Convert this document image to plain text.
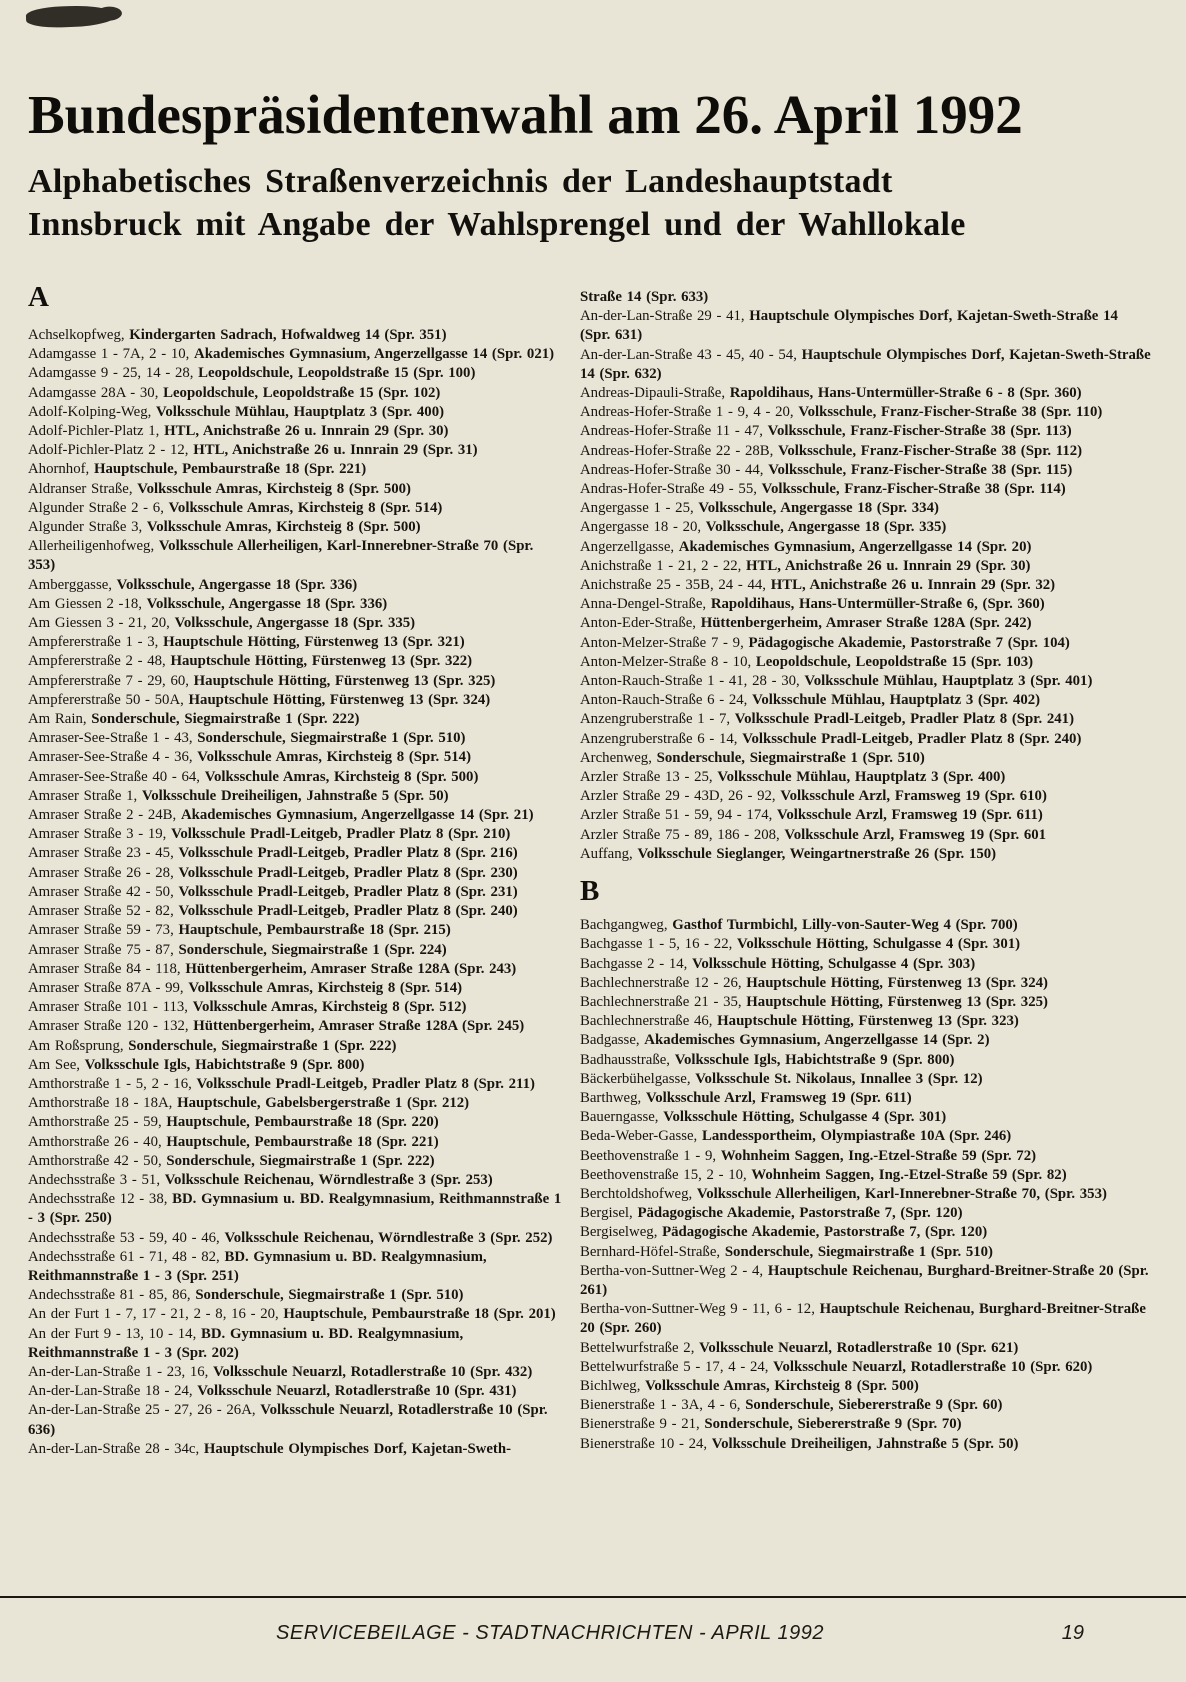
Bundespräsidentenwahl am 26. April 1992
Alphabetisches Straßenverzeichnis der Landeshauptstadt
Innsbruck mit Angabe der Wahlsprengel und der Wahllokale
A

Achselkopfweg, Kindergarten Sadrach, Hofwaldweg 14 (Spr. 351)

Adamgasse 1 - 7A, 2 - 10, Akademisches Gymnasium, Angerzellgasse 14 (Spr. 021)

Adamgasse 9 - 25, 14 - 28, Leopoldschule, Leopoldstraße 15 (Spr. 100)

Adamgasse 28A - 30, Leopoldschule, Leopoldstraße 15 (Spr. 102)

Adolf-Kolping-Weg, Volksschule Mühlau, Hauptplatz 3 (Spr. 400)

Adolf-Pichler-Platz 1, HTL, Anichstraße 26 u. Innrain 29 (Spr. 30)

Adolf-Pichler-Platz 2 - 12, HTL, Anichstraße 26 u. Innrain 29 (Spr. 31)

Ahornhof, Hauptschule, Pembaurstraße 18 (Spr. 221)

Aldranser Straße, Volksschule Amras, Kirchsteig 8 (Spr. 500)

Algunder Straße 2 - 6, Volksschule Amras, Kirchsteig 8 (Spr. 514)

Algunder Straße 3, Volksschule Amras, Kirchsteig 8 (Spr. 500)

Allerheiligenhofweg, Volksschule Allerheiligen, Karl-Innerebner-Straße 70 (Spr. 353)

Amberggasse, Volksschule, Angergasse 18 (Spr. 336)

Am Giessen 2 -18, Volksschule, Angergasse 18 (Spr. 336)

Am Giessen 3 - 21, 20, Volksschule, Angergasse 18 (Spr. 335)

Ampfererstraße 1 - 3, Hauptschule Hötting, Fürstenweg 13 (Spr. 321)

Ampfererstraße 2 - 48, Hauptschule Hötting, Fürstenweg 13 (Spr. 322)

Ampfererstraße 7 - 29, 60, Hauptschule Hötting, Fürstenweg 13 (Spr. 325)

Ampfererstraße 50 - 50A, Hauptschule Hötting, Fürstenweg 13 (Spr. 324)

Am Rain, Sonderschule, Siegmairstraße 1 (Spr. 222)

Amraser-See-Straße 1 - 43, Sonderschule, Siegmairstraße 1 (Spr. 510)

Amraser-See-Straße 4 - 36, Volksschule Amras, Kirchsteig 8 (Spr. 514)

Amraser-See-Straße 40 - 64, Volksschule Amras, Kirchsteig 8 (Spr. 500)

Amraser Straße 1, Volksschule Dreiheiligen, Jahnstraße 5 (Spr. 50)

Amraser Straße 2 - 24B, Akademisches Gymnasium, Angerzellgasse 14 (Spr. 21)

Amraser Straße 3 - 19, Volksschule Pradl-Leitgeb, Pradler Platz 8 (Spr. 210)

Amraser Straße 23 - 45, Volksschule Pradl-Leitgeb, Pradler Platz 8 (Spr. 216)

Amraser Straße 26 - 28, Volksschule Pradl-Leitgeb, Pradler Platz 8 (Spr. 230)

Amraser Straße 42 - 50, Volksschule Pradl-Leitgeb, Pradler Platz 8 (Spr. 231)

Amraser Straße 52 - 82, Volksschule Pradl-Leitgeb, Pradler Platz 8 (Spr. 240)

Amraser Straße 59 - 73, Hauptschule, Pembaurstraße 18 (Spr. 215)

Amraser Straße 75 - 87, Sonderschule, Siegmairstraße 1 (Spr. 224)

Amraser Straße 84 - 118, Hüttenbergerheim, Amraser Straße 128A (Spr. 243)

Amraser Straße 87A - 99, Volksschule Amras, Kirchsteig 8 (Spr. 514)

Amraser Straße 101 - 113, Volksschule Amras, Kirchsteig 8 (Spr. 512)

Amraser Straße 120 - 132, Hüttenbergerheim, Amraser Straße 128A (Spr. 245)

Am Roßsprung, Sonderschule, Siegmairstraße 1 (Spr. 222)

Am See, Volksschule Igls, Habichtstraße 9 (Spr. 800)

Amthorstraße 1 - 5, 2 - 16, Volksschule Pradl-Leitgeb, Pradler Platz 8 (Spr. 211)

Amthorstraße 18 - 18A, Hauptschule, Gabelsbergerstraße 1 (Spr. 212)

Amthorstraße 25 - 59, Hauptschule, Pembaurstraße 18 (Spr. 220)

Amthorstraße 26 - 40, Hauptschule, Pembaurstraße 18 (Spr. 221)

Amthorstraße 42 - 50, Sonderschule, Siegmairstraße 1 (Spr. 222)

Andechsstraße 3 - 51, Volksschule Reichenau, Wörndlestraße 3 (Spr. 253)

Andechsstraße 12 - 38, BD. Gymnasium u. BD. Realgymnasium, Reithmannstraße 1 - 3 (Spr. 250)

Andechsstraße 53 - 59, 40 - 46, Volksschule Reichenau, Wörndlestraße 3 (Spr. 252)

Andechsstraße 61 - 71, 48 - 82, BD. Gymnasium u. BD. Realgymnasium, Reithmannstraße 1 - 3 (Spr. 251)

Andechsstraße 81 - 85, 86, Sonderschule, Siegmairstraße 1 (Spr. 510)

An der Furt 1 - 7, 17 - 21, 2 - 8, 16 - 20, Hauptschule, Pembaurstraße 18 (Spr. 201)

An der Furt 9 - 13, 10 - 14, BD. Gymnasium u. BD. Realgymnasium, Reithmannstraße 1 - 3 (Spr. 202)

An-der-Lan-Straße 1 - 23, 16, Volksschule Neuarzl, Rotadlerstraße 10 (Spr. 432)

An-der-Lan-Straße 18 - 24, Volksschule Neuarzl, Rotadlerstraße 10 (Spr. 431)

An-der-Lan-Straße 25 - 27, 26 - 26A, Volksschule Neuarzl, Rotadlerstraße 10 (Spr. 636)

An-der-Lan-Straße 28 - 34c, Hauptschule Olympisches Dorf, Kajetan-Sweth-

Straße 14 (Spr. 633)

An-der-Lan-Straße 29 - 41, Hauptschule Olympisches Dorf, Kajetan-Sweth-Straße 14 (Spr. 631)

An-der-Lan-Straße 43 - 45, 40 - 54, Hauptschule Olympisches Dorf, Kajetan-Sweth-Straße 14 (Spr. 632)

Andreas-Dipauli-Straße, Rapoldihaus, Hans-Untermüller-Straße 6 - 8 (Spr. 360)

Andreas-Hofer-Straße 1 - 9, 4 - 20, Volksschule, Franz-Fischer-Straße 38 (Spr. 110)

Andreas-Hofer-Straße 11 - 47, Volksschule, Franz-Fischer-Straße 38 (Spr. 113)

Andreas-Hofer-Straße 22 - 28B, Volksschule, Franz-Fischer-Straße 38 (Spr. 112)

Andreas-Hofer-Straße 30 - 44, Volksschule, Franz-Fischer-Straße 38 (Spr. 115)

Andras-Hofer-Straße 49 - 55, Volksschule, Franz-Fischer-Straße 38 (Spr. 114)

Angergasse 1 - 25, Volksschule, Angergasse 18 (Spr. 334)

Angergasse 18 - 20, Volksschule, Angergasse 18 (Spr. 335)

Angerzellgasse, Akademisches Gymnasium, Angerzellgasse 14 (Spr. 20)

Anichstraße 1 - 21, 2 - 22, HTL, Anichstraße 26 u. Innrain 29 (Spr. 30)

Anichstraße 25 - 35B, 24 - 44, HTL, Anichstraße 26 u. Innrain 29 (Spr. 32)

Anna-Dengel-Straße, Rapoldihaus, Hans-Untermüller-Straße 6, (Spr. 360)

Anton-Eder-Straße, Hüttenbergerheim, Amraser Straße 128A (Spr. 242)

Anton-Melzer-Straße 7 - 9, Pädagogische Akademie, Pastorstraße 7 (Spr. 104)

Anton-Melzer-Straße 8 - 10, Leopoldschule, Leopoldstraße 15 (Spr. 103)

Anton-Rauch-Straße 1 - 41, 28 - 30, Volksschule Mühlau, Hauptplatz 3 (Spr. 401)

Anton-Rauch-Straße 6 - 24, Volksschule Mühlau, Hauptplatz 3 (Spr. 402)

Anzengruberstraße 1 - 7, Volksschule Pradl-Leitgeb, Pradler Platz 8 (Spr. 241)

Anzengruberstraße 6 - 14, Volksschule Pradl-Leitgeb, Pradler Platz 8 (Spr. 240)

Archenweg, Sonderschule, Siegmairstraße 1 (Spr. 510)

Arzler Straße 13 - 25, Volksschule Mühlau, Hauptplatz 3 (Spr. 400)

Arzler Straße 29 - 43D, 26 - 92, Volksschule Arzl, Framsweg 19 (Spr. 610)

Arzler Straße 51 - 59, 94 - 174, Volksschule Arzl, Framsweg 19 (Spr. 611)

Arzler Straße 75 - 89, 186 - 208, Volksschule Arzl, Framsweg 19 (Spr. 601

Auffang, Volksschule Sieglanger, Weingartnerstraße 26 (Spr. 150)

B

Bachgangweg, Gasthof Turmbichl, Lilly-von-Sauter-Weg 4 (Spr. 700)

Bachgasse 1 - 5, 16 - 22, Volksschule Hötting, Schulgasse 4 (Spr. 301)

Bachgasse 2 - 14, Volksschule Hötting, Schulgasse 4 (Spr. 303)

Bachlechnerstraße 12 - 26, Hauptschule Hötting, Fürstenweg 13 (Spr. 324)

Bachlechnerstraße 21 - 35, Hauptschule Hötting, Fürstenweg 13 (Spr. 325)

Bachlechnerstraße 46, Hauptschule Hötting, Fürstenweg 13 (Spr. 323)

Badgasse, Akademisches Gymnasium, Angerzellgasse 14 (Spr. 2)

Badhausstraße, Volksschule Igls, Habichtstraße 9 (Spr. 800)

Bäckerbühelgasse, Volksschule St. Nikolaus, Innallee 3 (Spr. 12)

Barthweg, Volksschule Arzl, Framsweg 19 (Spr. 611)

Bauerngasse, Volksschule Hötting, Schulgasse 4 (Spr. 301)

Beda-Weber-Gasse, Landessportheim, Olympiastraße 10A (Spr. 246)

Beethovenstraße 1 - 9, Wohnheim Saggen, Ing.-Etzel-Straße 59 (Spr. 72)

Beethovenstraße 15, 2 - 10, Wohnheim Saggen, Ing.-Etzel-Straße 59 (Spr. 82)

Berchtoldshofweg, Volksschule Allerheiligen, Karl-Innerebner-Straße 70, (Spr. 353)

Bergisel, Pädagogische Akademie, Pastorstraße 7, (Spr. 120)

Bergiselweg, Pädagogische Akademie, Pastorstraße 7, (Spr. 120)

Bernhard-Höfel-Straße, Sonderschule, Siegmairstraße 1 (Spr. 510)

Bertha-von-Suttner-Weg 2 - 4, Hauptschule Reichenau, Burghard-Breitner-Straße 20 (Spr. 261)

Bertha-von-Suttner-Weg 9 - 11, 6 - 12, Hauptschule Reichenau, Burghard-Breitner-Straße 20 (Spr. 260)

Bettelwurfstraße 2, Volksschule Neuarzl, Rotadlerstraße 10 (Spr. 621)

Bettelwurfstraße 5 - 17, 4 - 24, Volksschule Neuarzl, Rotadlerstraße 10 (Spr. 620)

Bichlweg, Volksschule Amras, Kirchsteig 8 (Spr. 500)

Bienerstraße 1 - 3A, 4 - 6, Sonderschule, Siebererstraße 9 (Spr. 60)

Bienerstraße 9 - 21, Sonderschule, Siebererstraße 9 (Spr. 70)

Bienerstraße 10 - 24, Volksschule Dreiheiligen, Jahnstraße 5 (Spr. 50)

SERVICEBEILAGE - STADTNACHRICHTEN - APRIL 1992	19
